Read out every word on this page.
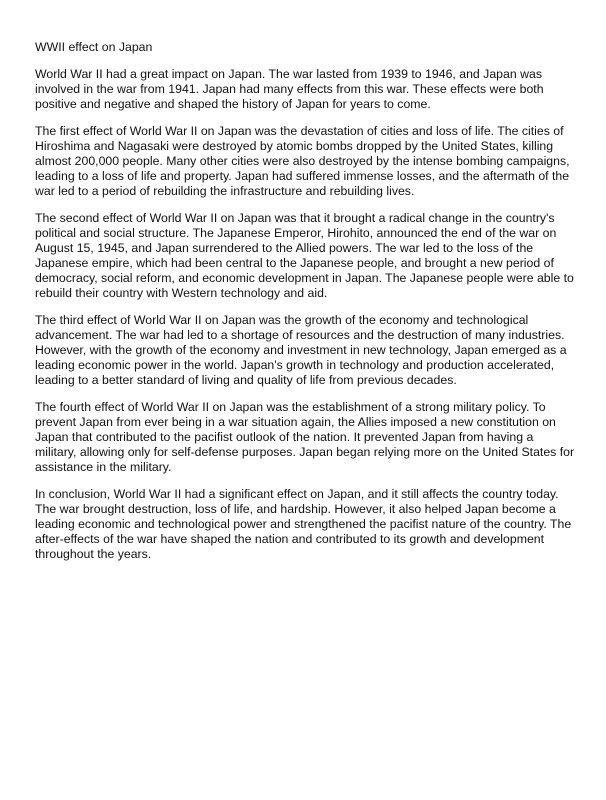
WWII effect on Japan

World War II had a great impact on Japan. The war lasted from 1939 to 1946, and Japan was involved in the war from 1941. Japan had many effects from this war. These effects were both positive and negative and shaped the history of Japan for years to come.

The first effect of World War II on Japan was the devastation of cities and loss of life. The cities of Hiroshima and Nagasaki were destroyed by atomic bombs dropped by the United States, killing almost 200,000 people. Many other cities were also destroyed by the intense bombing campaigns, leading to a loss of life and property. Japan had suffered immense losses, and the aftermath of the war led to a period of rebuilding the infrastructure and rebuilding lives.

The second effect of World War II on Japan was that it brought a radical change in the country's political and social structure. The Japanese Emperor, Hirohito, announced the end of the war on August 15, 1945, and Japan surrendered to the Allied powers. The war led to the loss of the Japanese empire, which had been central to the Japanese people, and brought a new period of democracy, social reform, and economic development in Japan. The Japanese people were able to rebuild their country with Western technology and aid.

The third effect of World War II on Japan was the growth of the economy and technological advancement. The war had led to a shortage of resources and the destruction of many industries. However, with the growth of the economy and investment in new technology, Japan emerged as a leading economic power in the world. Japan's growth in technology and production accelerated, leading to a better standard of living and quality of life from previous decades.

The fourth effect of World War II on Japan was the establishment of a strong military policy. To prevent Japan from ever being in a war situation again, the Allies imposed a new constitution on Japan that contributed to the pacifist outlook of the nation. It prevented Japan from having a military, allowing only for self-defense purposes. Japan began relying more on the United States for assistance in the military.

In conclusion, World War II had a significant effect on Japan, and it still affects the country today. The war brought destruction, loss of life, and hardship. However, it also helped Japan become a leading economic and technological power and strengthened the pacifist nature of the country. The after-effects of the war have shaped the nation and contributed to its growth and development throughout the years.
